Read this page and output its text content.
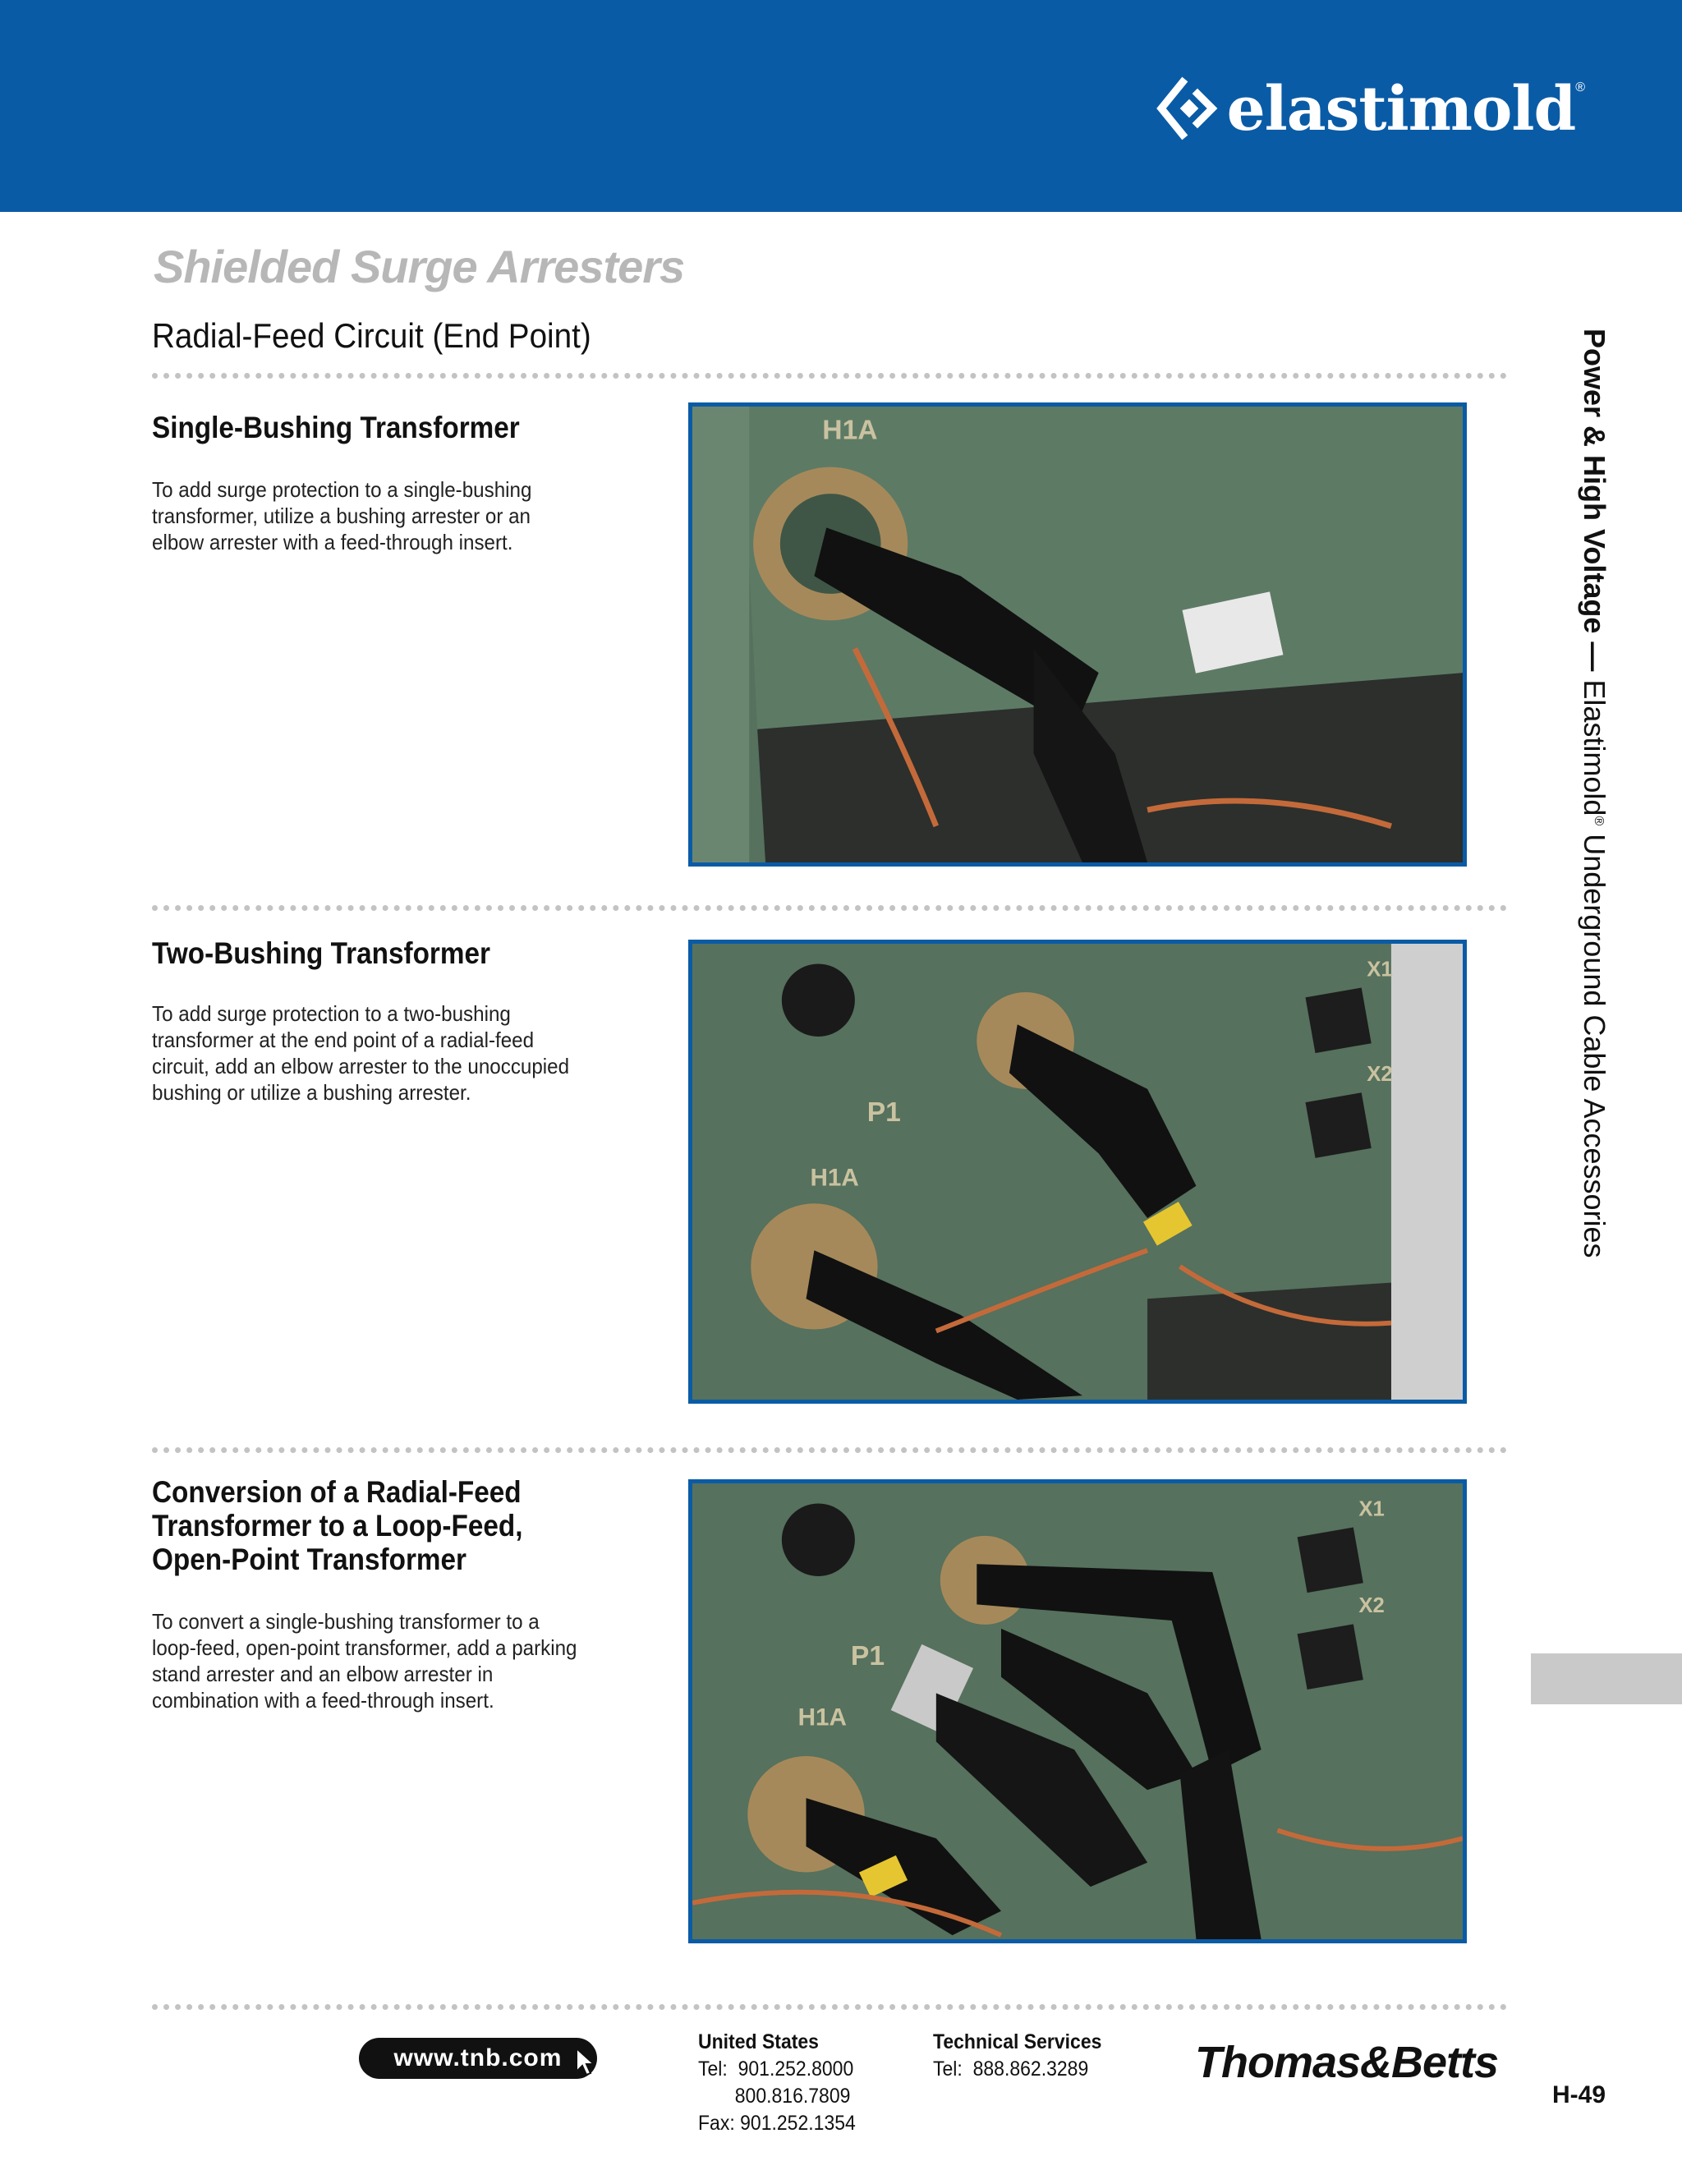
elastimold ®
Shielded Surge Arresters
Radial-Feed Circuit (End Point)
Single-Bushing Transformer
To add surge protection to a single-bushing transformer, utilize a bushing arrester or an elbow arrester with a feed-through insert.
H1A
Two-Bushing Transformer
To add surge protection to a two-bushing transformer at the end point of a radial-feed circuit, add an elbow arrester to the unoccupied bushing or utilize a bushing arrester.
P1
H1A
X1
X2
Conversion of a Radial-Feed Transformer to a Loop-Feed, Open-Point Transformer
To convert a single-bushing transformer to a loop-feed, open-point transformer, add a parking stand arrester and an elbow arrester in combination with a feed-through insert.
P1
H1A
X1
X2
Power & High Voltage — Elastimold® Underground Cable Accessories
www.tnb.com
United States
Tel:  901.252.8000
800.816.7809
Fax: 901.252.1354
Technical Services
Tel:  888.862.3289 Thomas&Betts
H-49
